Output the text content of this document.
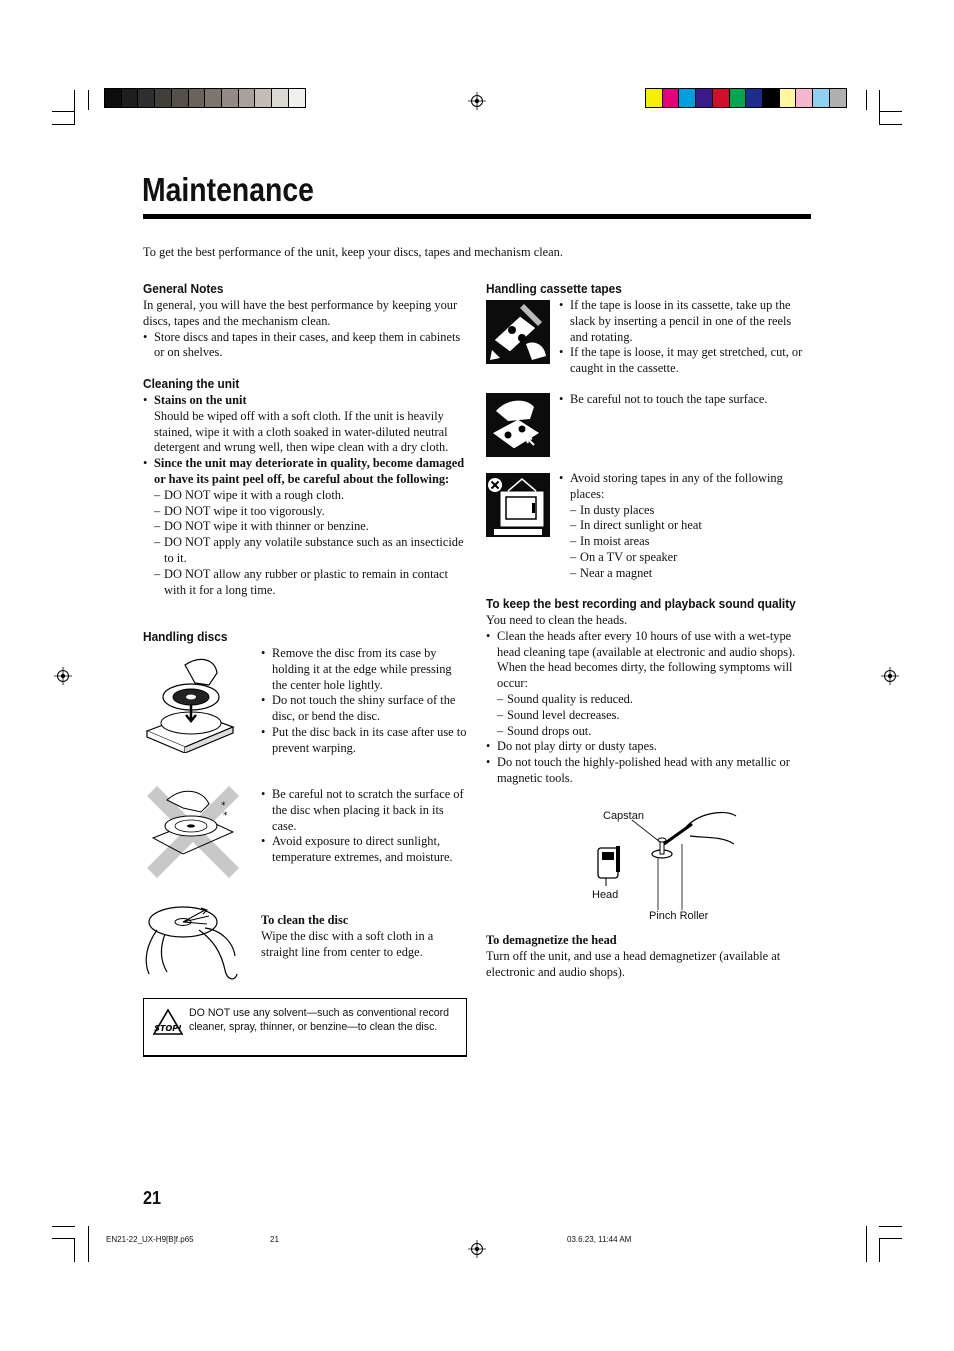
Maintenance

To get the best performance of the unit, keep your discs, tapes and mechanism clean.

General Notes

In general, you will have the best performance by keeping your discs, tapes and the mechanism clean.

• Store discs and tapes in their cases, and keep them in cabinets or on shelves.
Cleaning the unit
• Stains on the unit

Should be wiped off with a soft cloth. If the unit is heavily stained, wipe it with a cloth soaked in water-diluted neutral detergent and wrung well, then wipe clean with a dry cloth.

• Since the unit may deteriorate in quality, become damaged or have its paint peel off, be careful about the following:
– DO NOT wipe it with a rough cloth.
– DO NOT wipe it too vigorously.
– DO NOT wipe it with thinner or benzine.
– DO NOT apply any volatile substance such as an insecticide to it.
– DO NOT allow any rubber or plastic to remain in contact with it for a long time.
Handling discs
• Remove the disc from its case by holding it at the edge while pressing the center hole lightly.
• Do not touch the shiny surface of the disc, or bend the disc.
• Put the disc back in its case after use to prevent warping.
*
*
• Be careful not to scratch the surface of the disc when placing it back in its case.
• Avoid exposure to direct sunlight, temperature extremes, and moisture.

To clean the disc

Wipe the disc with a soft cloth in a straight line from center to edge.

STOP!

DO NOT use any solvent—such as conventional record cleaner, spray, thinner, or benzine—to clean the disc.

Handling cassette tapes
• If the tape is loose in its cassette, take up the slack by inserting a pencil in one of the reels and rotating.
• If the tape is loose, it may get stretched, cut, or caught in the cassette.
• Be careful not to touch the tape surface.
• Avoid storing tapes in any of the following places:
– In dusty places
– In direct sunlight or heat
– In moist areas
– On a TV or speaker
– Near a magnet
To keep the best recording and playback sound quality

You need to clean the heads.

• Clean the heads after every 10 hours of use with a wet-type head cleaning tape (available at electronic and audio shops).

When the head becomes dirty, the following symptoms will occur:

– Sound quality is reduced.
– Sound level decreases.
– Sound drops out.
• Do not play dirty or dusty tapes.
• Do not touch the highly-polished head with any metallic or magnetic tools.
Capstan
Head
Pinch Roller

To demagnetize the head

Turn off the unit, and use a head demagnetizer (available at electronic and audio shops).

21
EN21-22_UX-H9[B]f.p65	21	03.6.23, 11:44 AM
